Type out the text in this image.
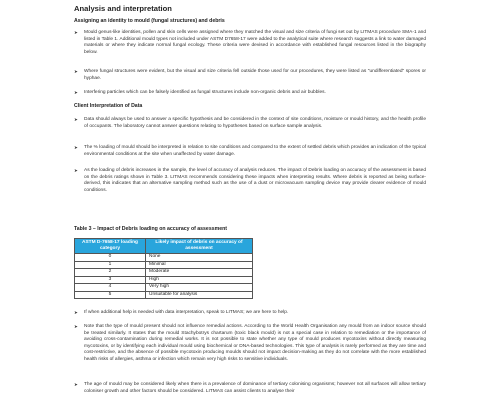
Analysis and interpretation
Assigning an identity to mould (fungal structures) and debris
➤ Mould genus-like identities, pollen and skin cells were assigned where they matched the visual and size criteria of fungi set out by LITMAS procedure SMA-1 and listed in Table 1. Additional mould types not included under ASTM D7658-17 were added to the analytical suite where research suggests a link to water damaged materials or where they indicate normal fungal ecology. These criteria were devised in accordance with established fungal resources listed in the biography below.
➤ Where fungal structures were evident, but the visual and size criteria fell outside those used for our procedures, they were listed as "undifferentiated" spores or hyphae.
➤ Interfering particles which can be falsely identified as fungal structures include non-organic debris and air bubbles.
Client Interpretation of Data
➤ Data should always be used to answer a specific hypothesis and be considered in the context of site conditions, moisture or mould history, and the health profile of occupants. The laboratory cannot answer questions relating to hypotheses based on surface sample analysis.
➤ The % loading of mould should be interpreted in relation to site conditions and compared to the extent of settled debris which provides an indication of the typical environmental conditions at the site when unaffected by water damage.
➤ As the loading of debris increases in the sample, the level of accuracy of analysis reduces. The impact of Debris loading on accuracy of the assessment is based on the debris ratings shown in Table 3. LITMAS recommends considering these impacts when interpreting results. Where debris is reported as being surface-derived, this indicates that an alternative sampling method such as the use of a dust or microvacuum sampling device may provide clearer evidence of mould conditions.
Table 3 – Impact of Debris loading on accuracy of assessment
ASTM D-7658-17 loading category	Likely impact of debris on accuracy of assessment
0	None
1	Minimal
2	Moderate
3	High
4	Very high
5	Unsuitable for analysis
➤ If when additional help is needed with data interpretation, speak to LITMAS; we are here to help.
➤ Note that the type of mould present should not influence remedial actions. According to the World Health Organisation any mould from an indoor source should be treated similarly. It states that the mould Stachybotrys chartarum (toxic black mould) is not a special case in relation to remediation or the importance of avoiding cross-contamination during remedial works. It is not possible to state whether any type of mould produces mycotoxins without directly measuring mycotoxins, or by identifying each individual mould using biochemical or DNA-based technologies. This type of analysis is rarely performed as they are time and cost-restrictive, and the absence of possible mycotoxin producing moulds should not impact decision-making as they do not correlate with the more established health risks of allergies, asthma or infection which remain very high risks to sensitive individuals.
➤ The age of mould may be considered likely when there is a prevalence of dominance of tertiary colonising organisms; however not all surfaces will allow tertiary coloniser growth and other factors should be considered. LITMAS can assist clients to analyse their
